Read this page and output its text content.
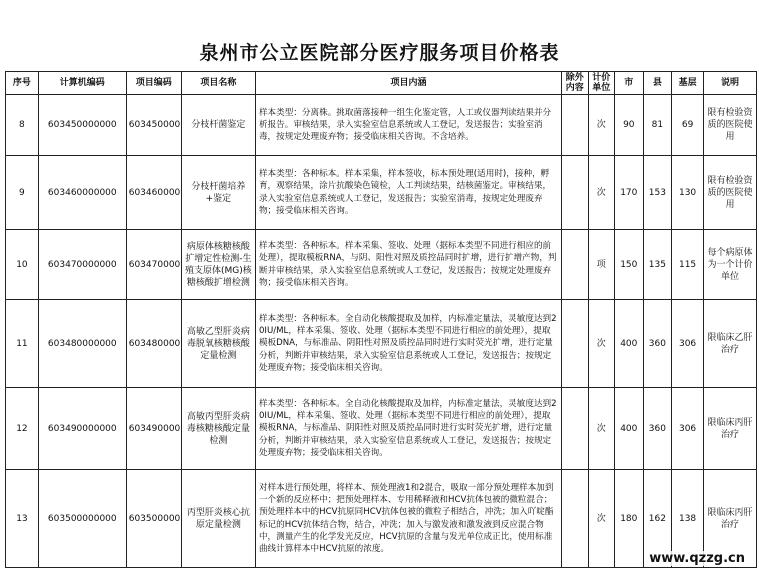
泉州市公立医院部分医疗服务项目价格表
序号	计算机编码	项目编码	项目名称	项目内涵	除外内容	计价单位	市	县	基层	说明
8	603450000000	603450000	分枝杆菌鉴定	样本类型：分离株。挑取菌落接种一组生化鉴定管，人工或仪器判读结果并分析报告。审核结果，录入实验室信息系统或人工登记，发送报告；实验室消毒，按规定处理废弃物；接受临床相关咨询。不含培养。		次	90	81	69	限有检验资质的医院使用
9	603460000000	603460000	分枝杆菌培养+鉴定	样本类型：各种标本。样本采集，样本签收，标本预处理(适用时)，接种，孵育，观察结果，涂片抗酸染色镜检，人工判读结果，结核菌鉴定。审核结果，录入实验室信息系统或人工登记，发送报告；实验室消毒，按规定处理废弃物；接受临床相关咨询。		次	170	153	130	限有检验资质的医院使用
10	603470000000	603470000	病原体核糖核酸扩增定性检测-生殖支原体(MG)核糖核酸扩增检测	样本类型：各种标本。样本采集、签收、处理（据标本类型不同进行相应的前处理），提取模板RNA，与阴、阳性对照及质控品同时扩增，进行扩增产物，判断并审核结果，录入实验室信息系统或人工登记，发送报告；按规定处理废弃物；接受临床相关咨询。		项	150	135	115	每个病原体为一个计价单位
11	603480000000	603480000	高敏乙型肝炎病毒脱氧核糖核酸定量检测	样本类型：各种标本。全自动化核酸提取及加样，内标准定量法，灵敏度达到20IU/ML，样本采集、签收、处理（据标本类型不同进行相应的前处理），提取模板DNA，与标准品、阴阳性对照及质控品同时进行实时荧光扩增，进行定量分析，判断并审核结果，录入实验室信息系统或人工登记，发送报告；按规定处理废弃物；接受临床相关咨询。		次	400	360	306	限临床乙肝治疗
12	603490000000	603490000	高敏丙型肝炎病毒核糖核酸定量检测	样本类型：各种标本。全自动化核酸提取及加样，内标准定量法，灵敏度达到20IU/ML，样本采集、签收、处理（据标本类型不同进行相应的前处理），提取模板RNA，与标准品、阴阳性对照及质控品同时进行实时荧光扩增，进行定量分析，判断并审核结果，录入实验室信息系统或人工登记，发送报告；按规定处理废弃物；接受临床相关咨询。		次	400	360	306	限临床丙肝治疗
13	603500000000	603500000	丙型肝炎核心抗原定量检测	对样本进行预处理，将样本、预处理液1和2混合，吸取一部分预处理样本加到一个新的反应杯中；把预处理样本、专用稀释液和HCV抗体包被的微粒混合；预处理样本中的HCV抗原同HCV抗体包被的微粒子相结合，冲洗；加入吖啶酯标记的HCV抗体结合物，结合，冲洗；加入与激发液和激发液到反应混合物中，测量产生的化学发光反应，HCV抗原的含量与发光单位成正比，使用标准曲线计算样本中HCV抗原的浓度。		次	180	162	138	限临床丙肝治疗
www.qzzg.cn
